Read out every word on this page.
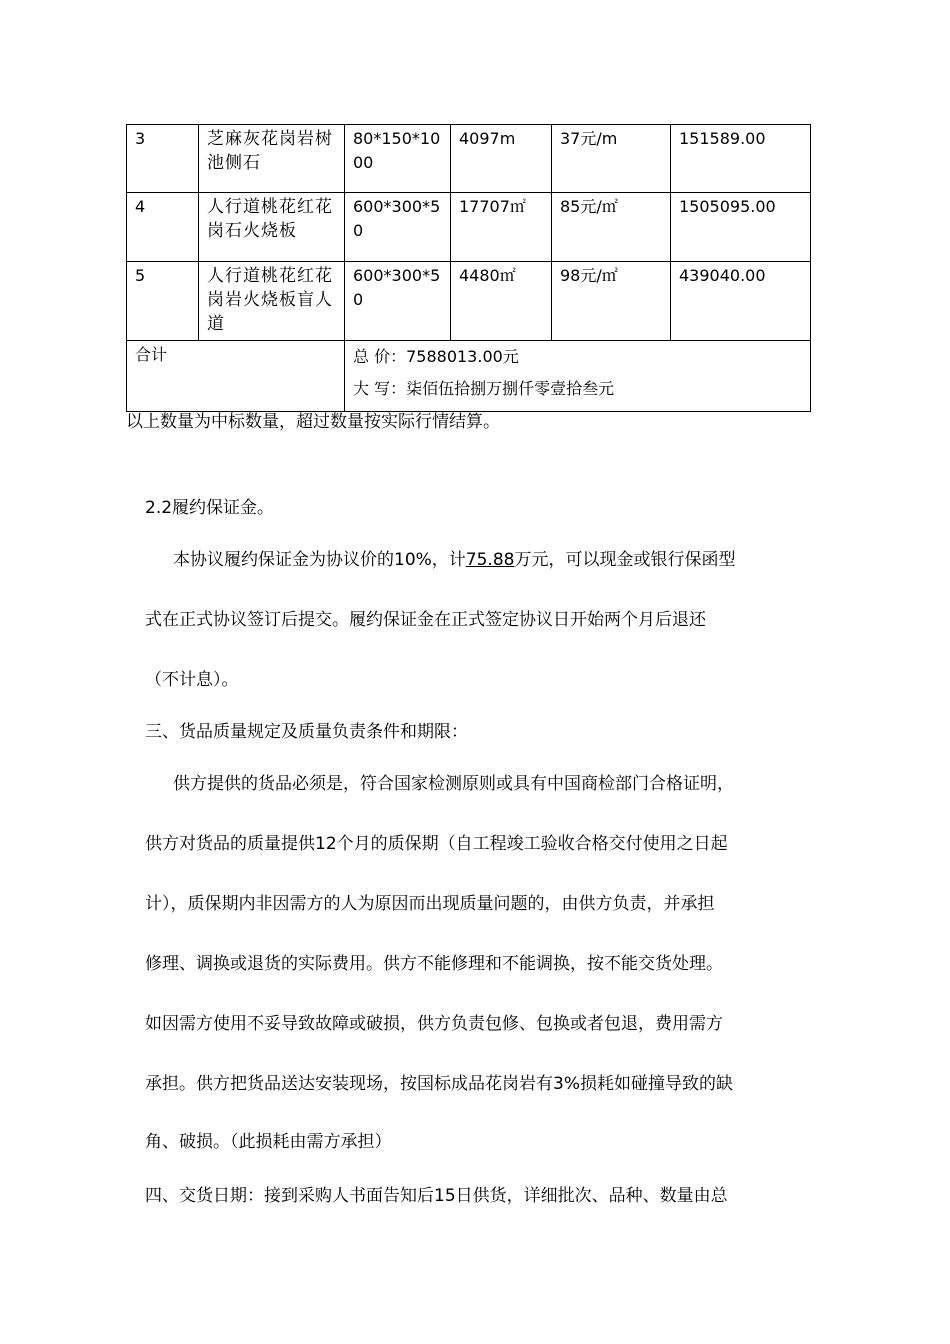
3	芝麻灰花岗岩树池侧石	80*150*1000	4097m	37元/m	151589.00
4	人行道桃花红花岗石火烧板	600*300*50	17707㎡	85元/㎡	1505095.00
5	人行道桃花红花岗岩火烧板盲人道	600*300*50	4480㎡	98元/㎡	439040.00
合计		总 价：7588013.00元
大 写：柒佰伍拾捌万捌仟零壹拾叁元			
以上数量为中标数量，超过数量按实际行情结算。
2.2履约保证金。
本协议履约保证金为协议价的10%，计75.88万元，可以现金或银行保函型
式在正式协议签订后提交。履约保证金在正式签定协议日开始两个月后退还
（不计息）。
三、货品质量规定及质量负责条件和期限：
供方提供的货品必须是，符合国家检测原则或具有中国商检部门合格证明，
供方对货品的质量提供12个月的质保期（自工程竣工验收合格交付使用之日起
计），质保期内非因需方的人为原因而出现质量问题的，由供方负责，并承担
修理、调换或退货的实际费用。供方不能修理和不能调换，按不能交货处理。
如因需方使用不妥导致故障或破损，供方负责包修、包换或者包退，费用需方
承担。供方把货品送达安装现场，按国标成品花岗岩有3%损耗如碰撞导致的缺
角、破损。（此损耗由需方承担）
四、交货日期：接到采购人书面告知后15日供货，详细批次、品种、数量由总
